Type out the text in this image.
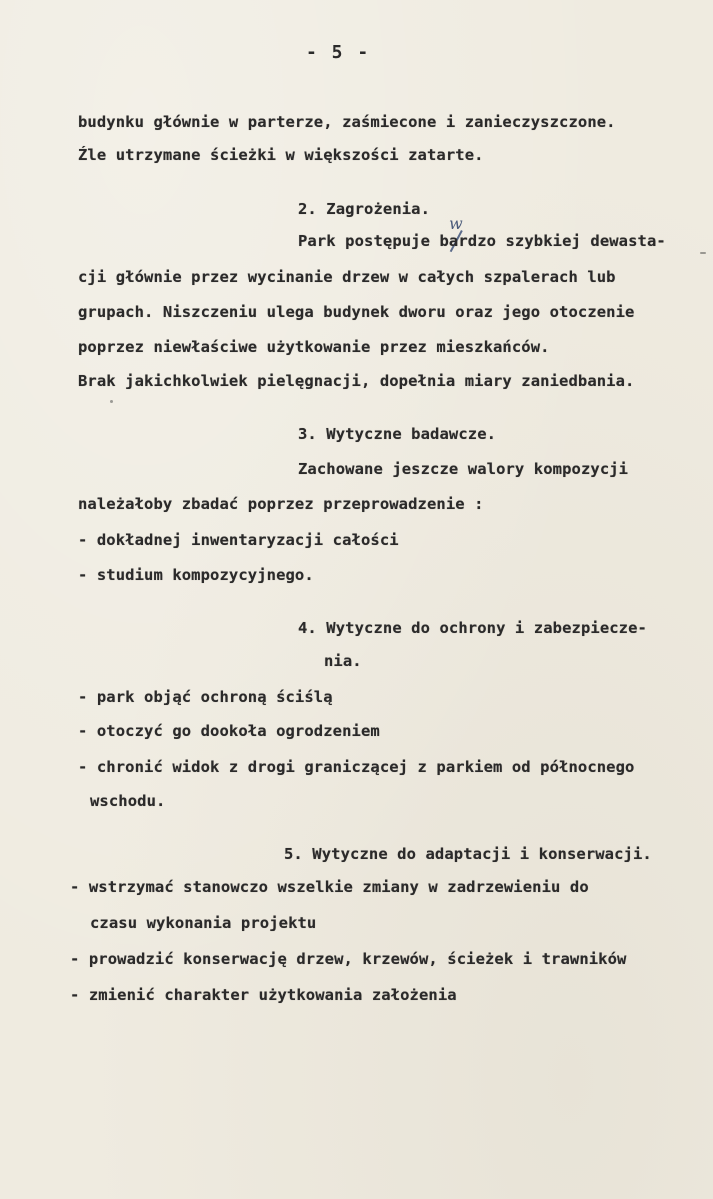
- 5 -
budynku głównie w parterze, zaśmiecone i zanieczyszczone.
Źle utrzymane ścieżki w większości zatarte.
2. Zagrożenia.
w
Park postępuje bardzo szybkiej dewasta-
cji głównie przez wycinanie drzew w całych szpalerach lub
grupach. Niszczeniu ulega budynek dworu oraz jego otoczenie
poprzez niewłaściwe użytkowanie przez mieszkańców.
Brak jakichkolwiek pielęgnacji, dopełnia miary zaniedbania.
3. Wytyczne badawcze.
Zachowane jeszcze walory kompozycji
należałoby zbadać poprzez przeprowadzenie :
- dokładnej inwentaryzacji całości
- studium kompozycyjnego.
4. Wytyczne do ochrony i zabezpiecze-
nia.
- park objąć ochroną ściślą
- otoczyć go dookoła ogrodzeniem
- chronić widok z drogi graniczącej z parkiem od północnego
wschodu.
5. Wytyczne do adaptacji i konserwacji.
- wstrzymać stanowczo wszelkie zmiany w zadrzewieniu do
czasu wykonania projektu
- prowadzić konserwację drzew, krzewów, ścieżek i trawników
- zmienić charakter użytkowania założenia
